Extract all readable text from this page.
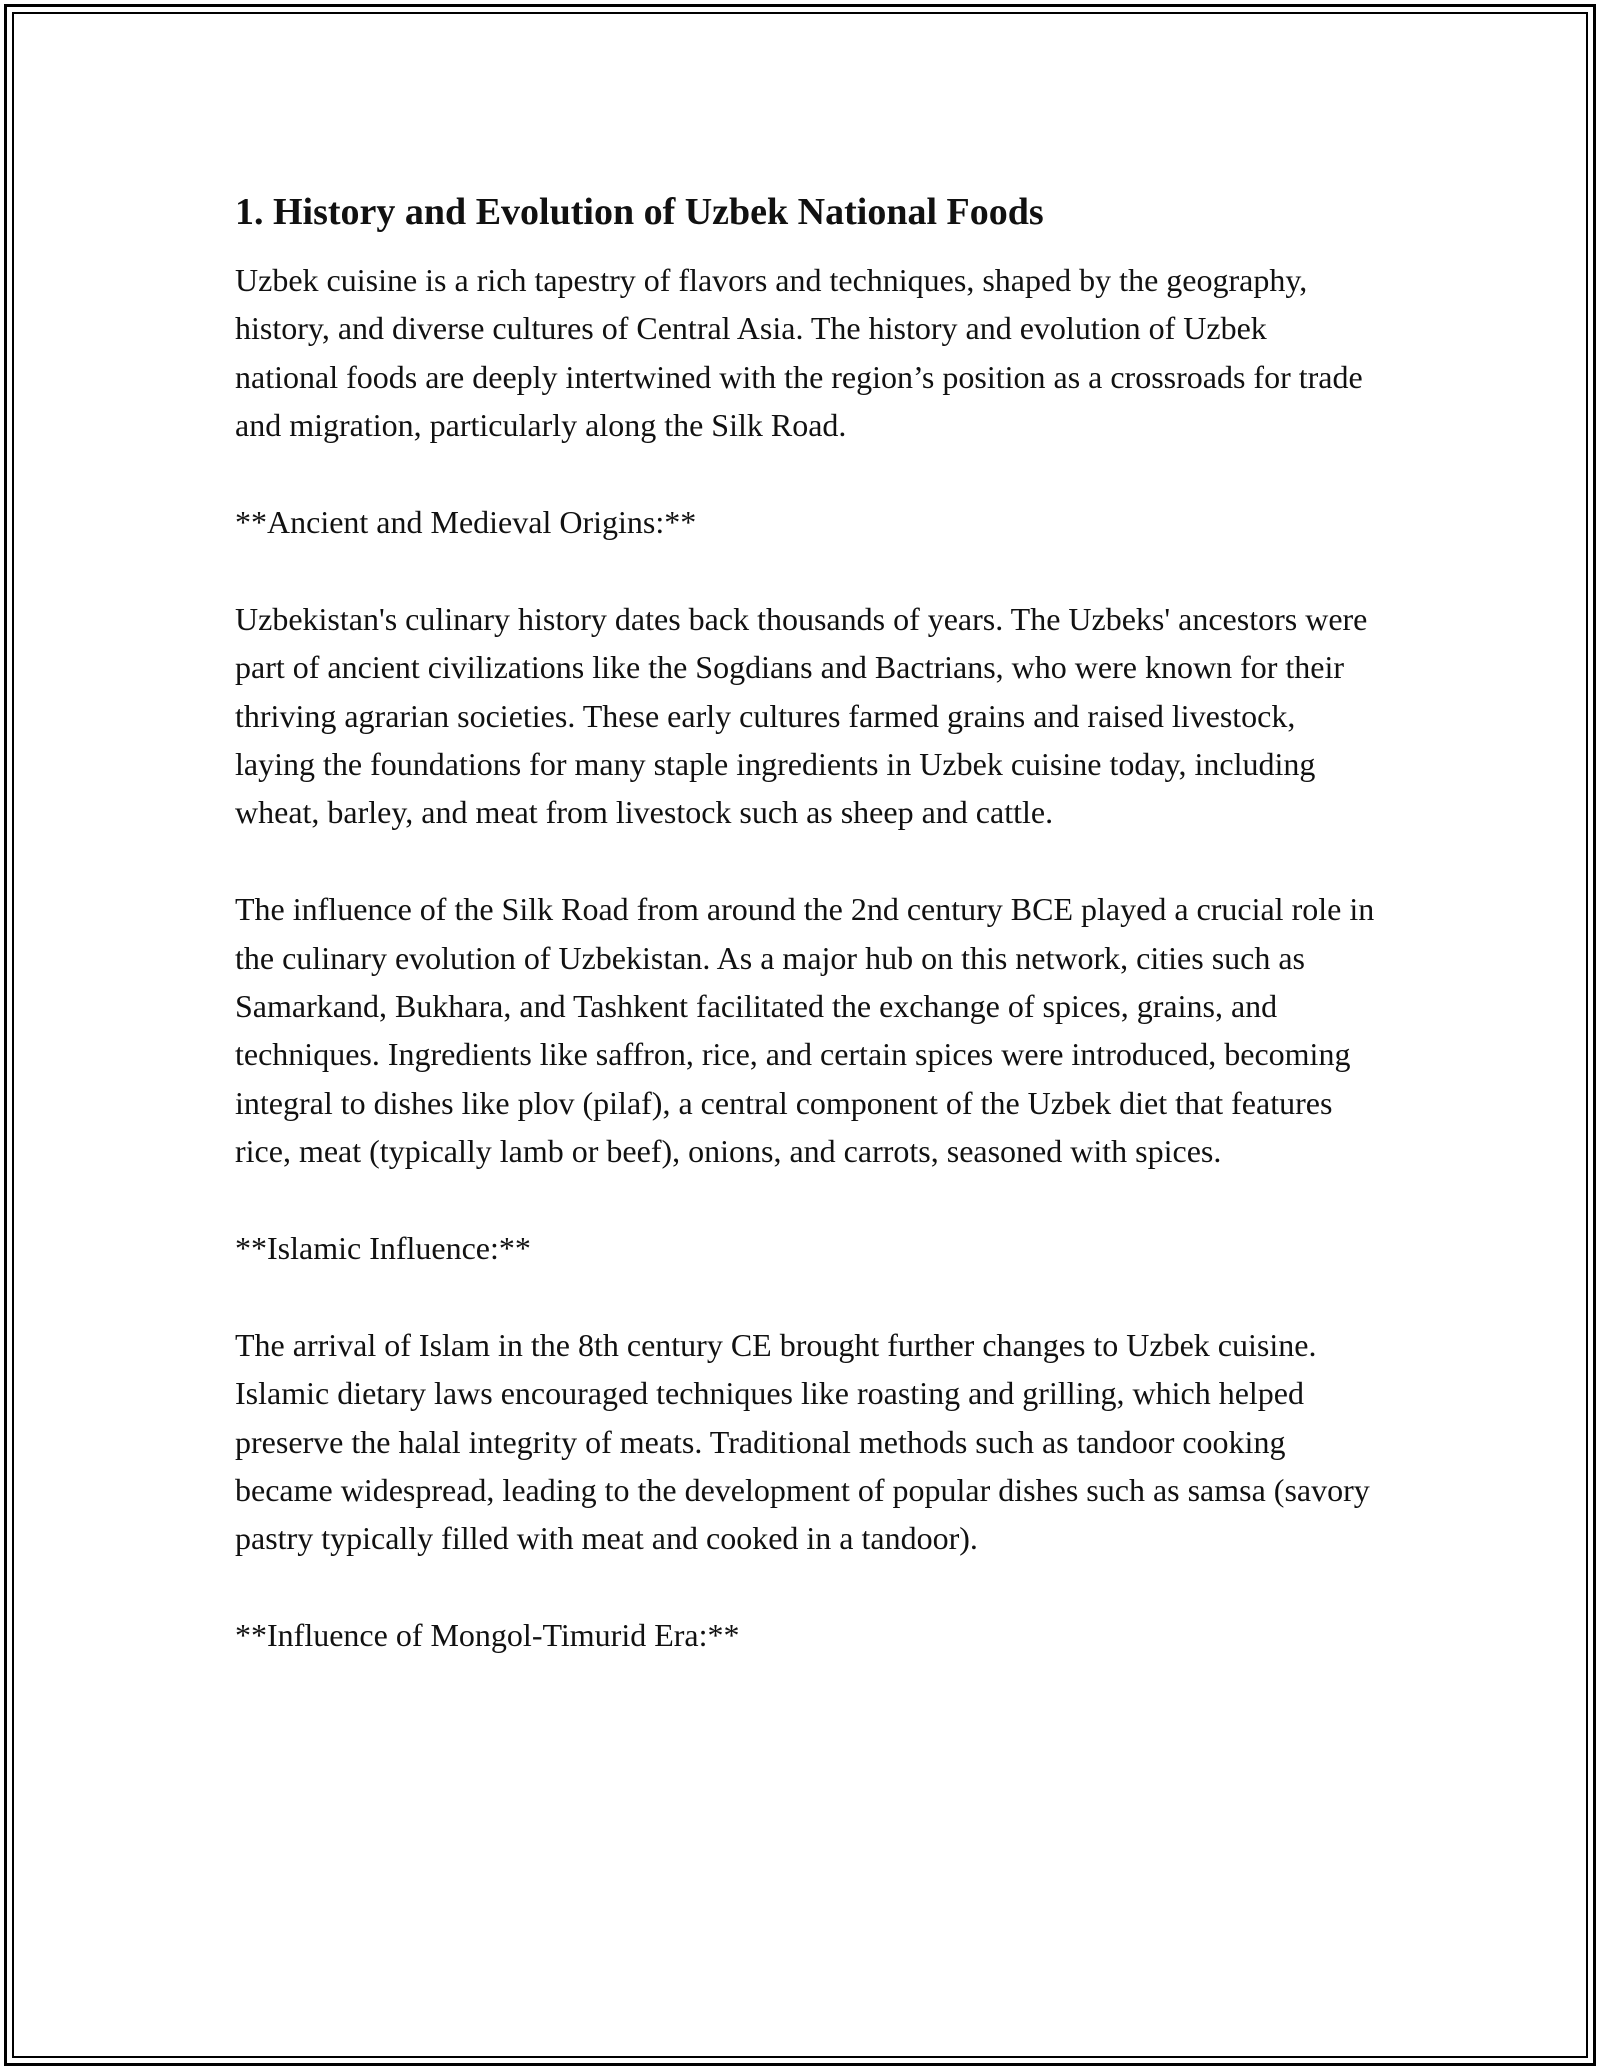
1. History and Evolution of Uzbek National Foods

Uzbek cuisine is a rich tapestry of flavors and techniques, shaped by the geography, history, and diverse cultures of Central Asia. The history and evolution of Uzbek national foods are deeply intertwined with the region’s position as a crossroads for trade and migration, particularly along the Silk Road.

**Ancient and Medieval Origins:**

Uzbekistan's culinary history dates back thousands of years. The Uzbeks' ancestors were part of ancient civilizations like the Sogdians and Bactrians, who were known for their thriving agrarian societies. These early cultures farmed grains and raised livestock, laying the foundations for many staple ingredients in Uzbek cuisine today, including wheat, barley, and meat from livestock such as sheep and cattle.

The influence of the Silk Road from around the 2nd century BCE played a crucial role in the culinary evolution of Uzbekistan. As a major hub on this network, cities such as Samarkand, Bukhara, and Tashkent facilitated the exchange of spices, grains, and techniques. Ingredients like saffron, rice, and certain spices were introduced, becoming integral to dishes like plov (pilaf), a central component of the Uzbek diet that features rice, meat (typically lamb or beef), onions, and carrots, seasoned with spices.

**Islamic Influence:**

The arrival of Islam in the 8th century CE brought further changes to Uzbek cuisine. Islamic dietary laws encouraged techniques like roasting and grilling, which helped preserve the halal integrity of meats. Traditional methods such as tandoor cooking became widespread, leading to the development of popular dishes such as samsa (savory pastry typically filled with meat and cooked in a tandoor).

**Influence of Mongol-Timurid Era:**
